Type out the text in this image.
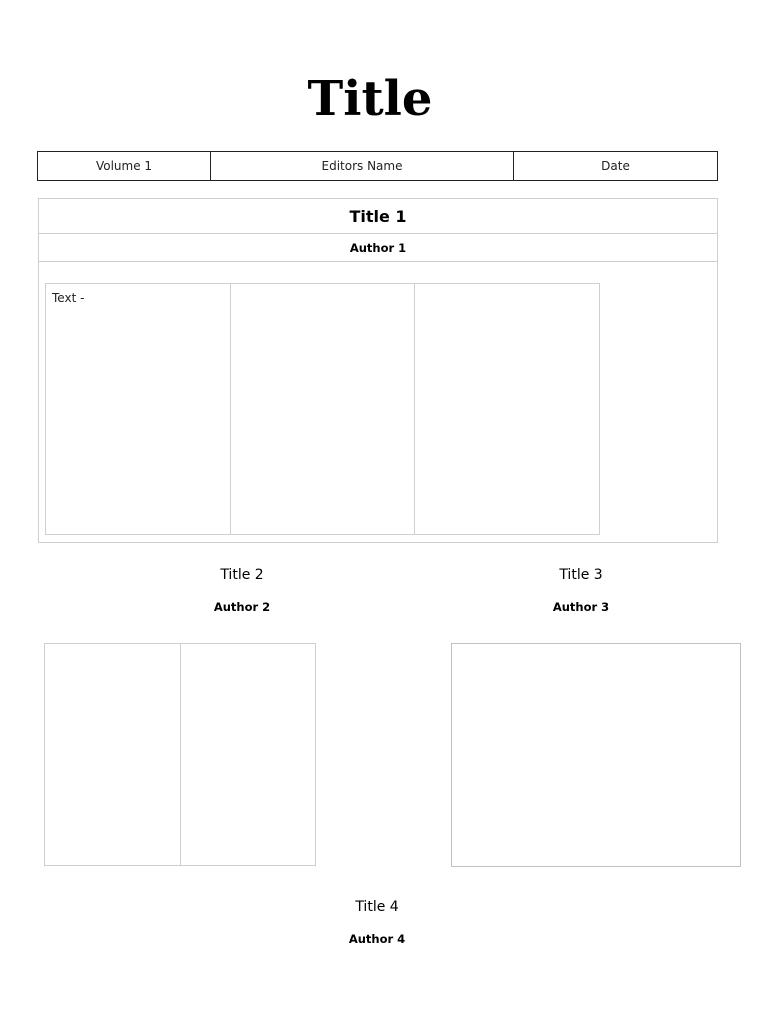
Title
Volume 1	Editors Name	Date
Title 1
Author 1
Text -
Title 2
Author 2
Title 3
Author 3
Title 4
Author 4
